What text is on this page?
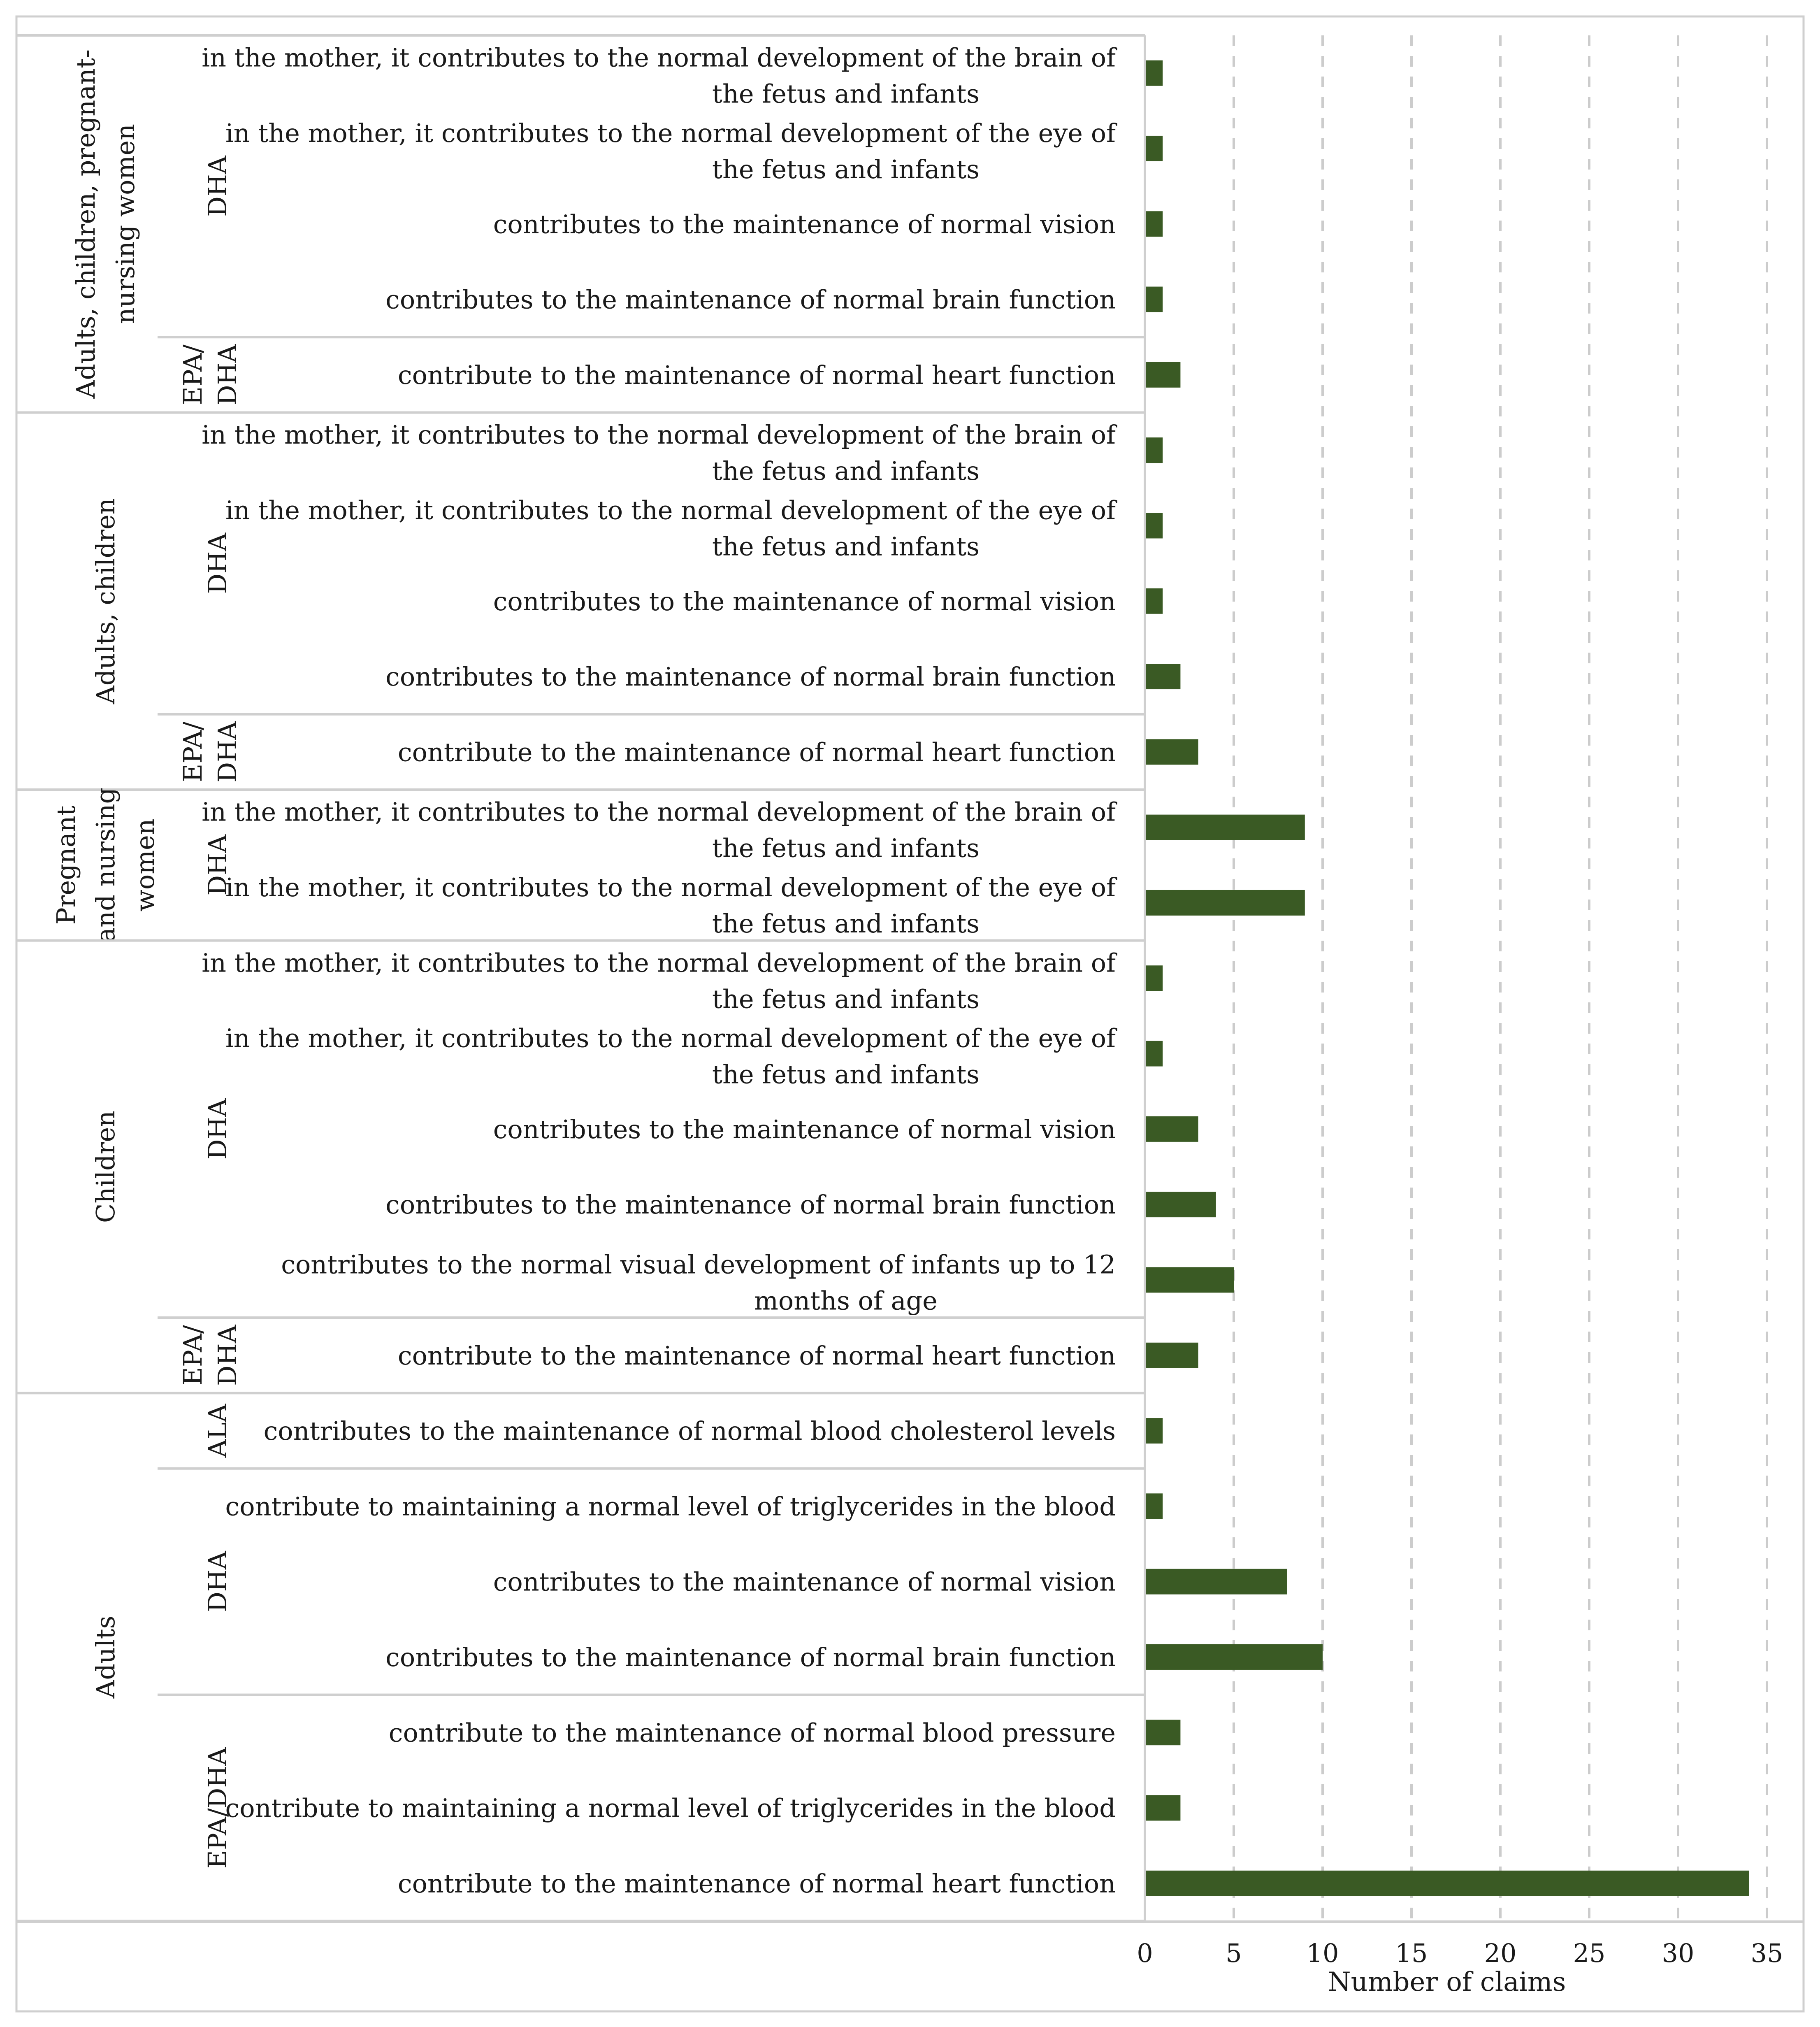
in the mother, it contributes to the normal development of the brain of
the fetus and infants
in the mother, it contributes to the normal development of the eye of
the fetus and infants
contributes to the maintenance of normal vision
contributes to the maintenance of normal brain function
DHA
contribute to the maintenance of normal heart function
EPA/ DHA
in the mother, it contributes to the normal development of the brain of
the fetus and infants
in the mother, it contributes to the normal development of the eye of
the fetus and infants
contributes to the maintenance of normal vision
contributes to the maintenance of normal brain function
DHA
contribute to the maintenance of normal heart function
EPA/ DHA
in the mother, it contributes to the normal development of the brain of
the fetus and infants
in the mother, it contributes to the normal development of the eye of
the fetus and infants
DHA
in the mother, it contributes to the normal development of the brain of
the fetus and infants
in the mother, it contributes to the normal development of the eye of
the fetus and infants
contributes to the maintenance of normal vision
contributes to the maintenance of normal brain function
contributes to the normal visual development of infants up to 12
months of age
DHA
contribute to the maintenance of normal heart function
EPA/ DHA
contributes to the maintenance of normal blood cholesterol levels
ALA
contribute to maintaining a normal level of triglycerides in the blood
contributes to the maintenance of normal vision
contributes to the maintenance of normal brain function
DHA
contribute to the maintenance of normal blood pressure
contribute to maintaining a normal level of triglycerides in the blood
contribute to the maintenance of normal heart function
EPA/DHA
Adults, children, pregnant- nursing women
Adults, children
Pregnant and nursing women
Children
Adults
0	5	10 15 20 25 30 35
Number of claims
